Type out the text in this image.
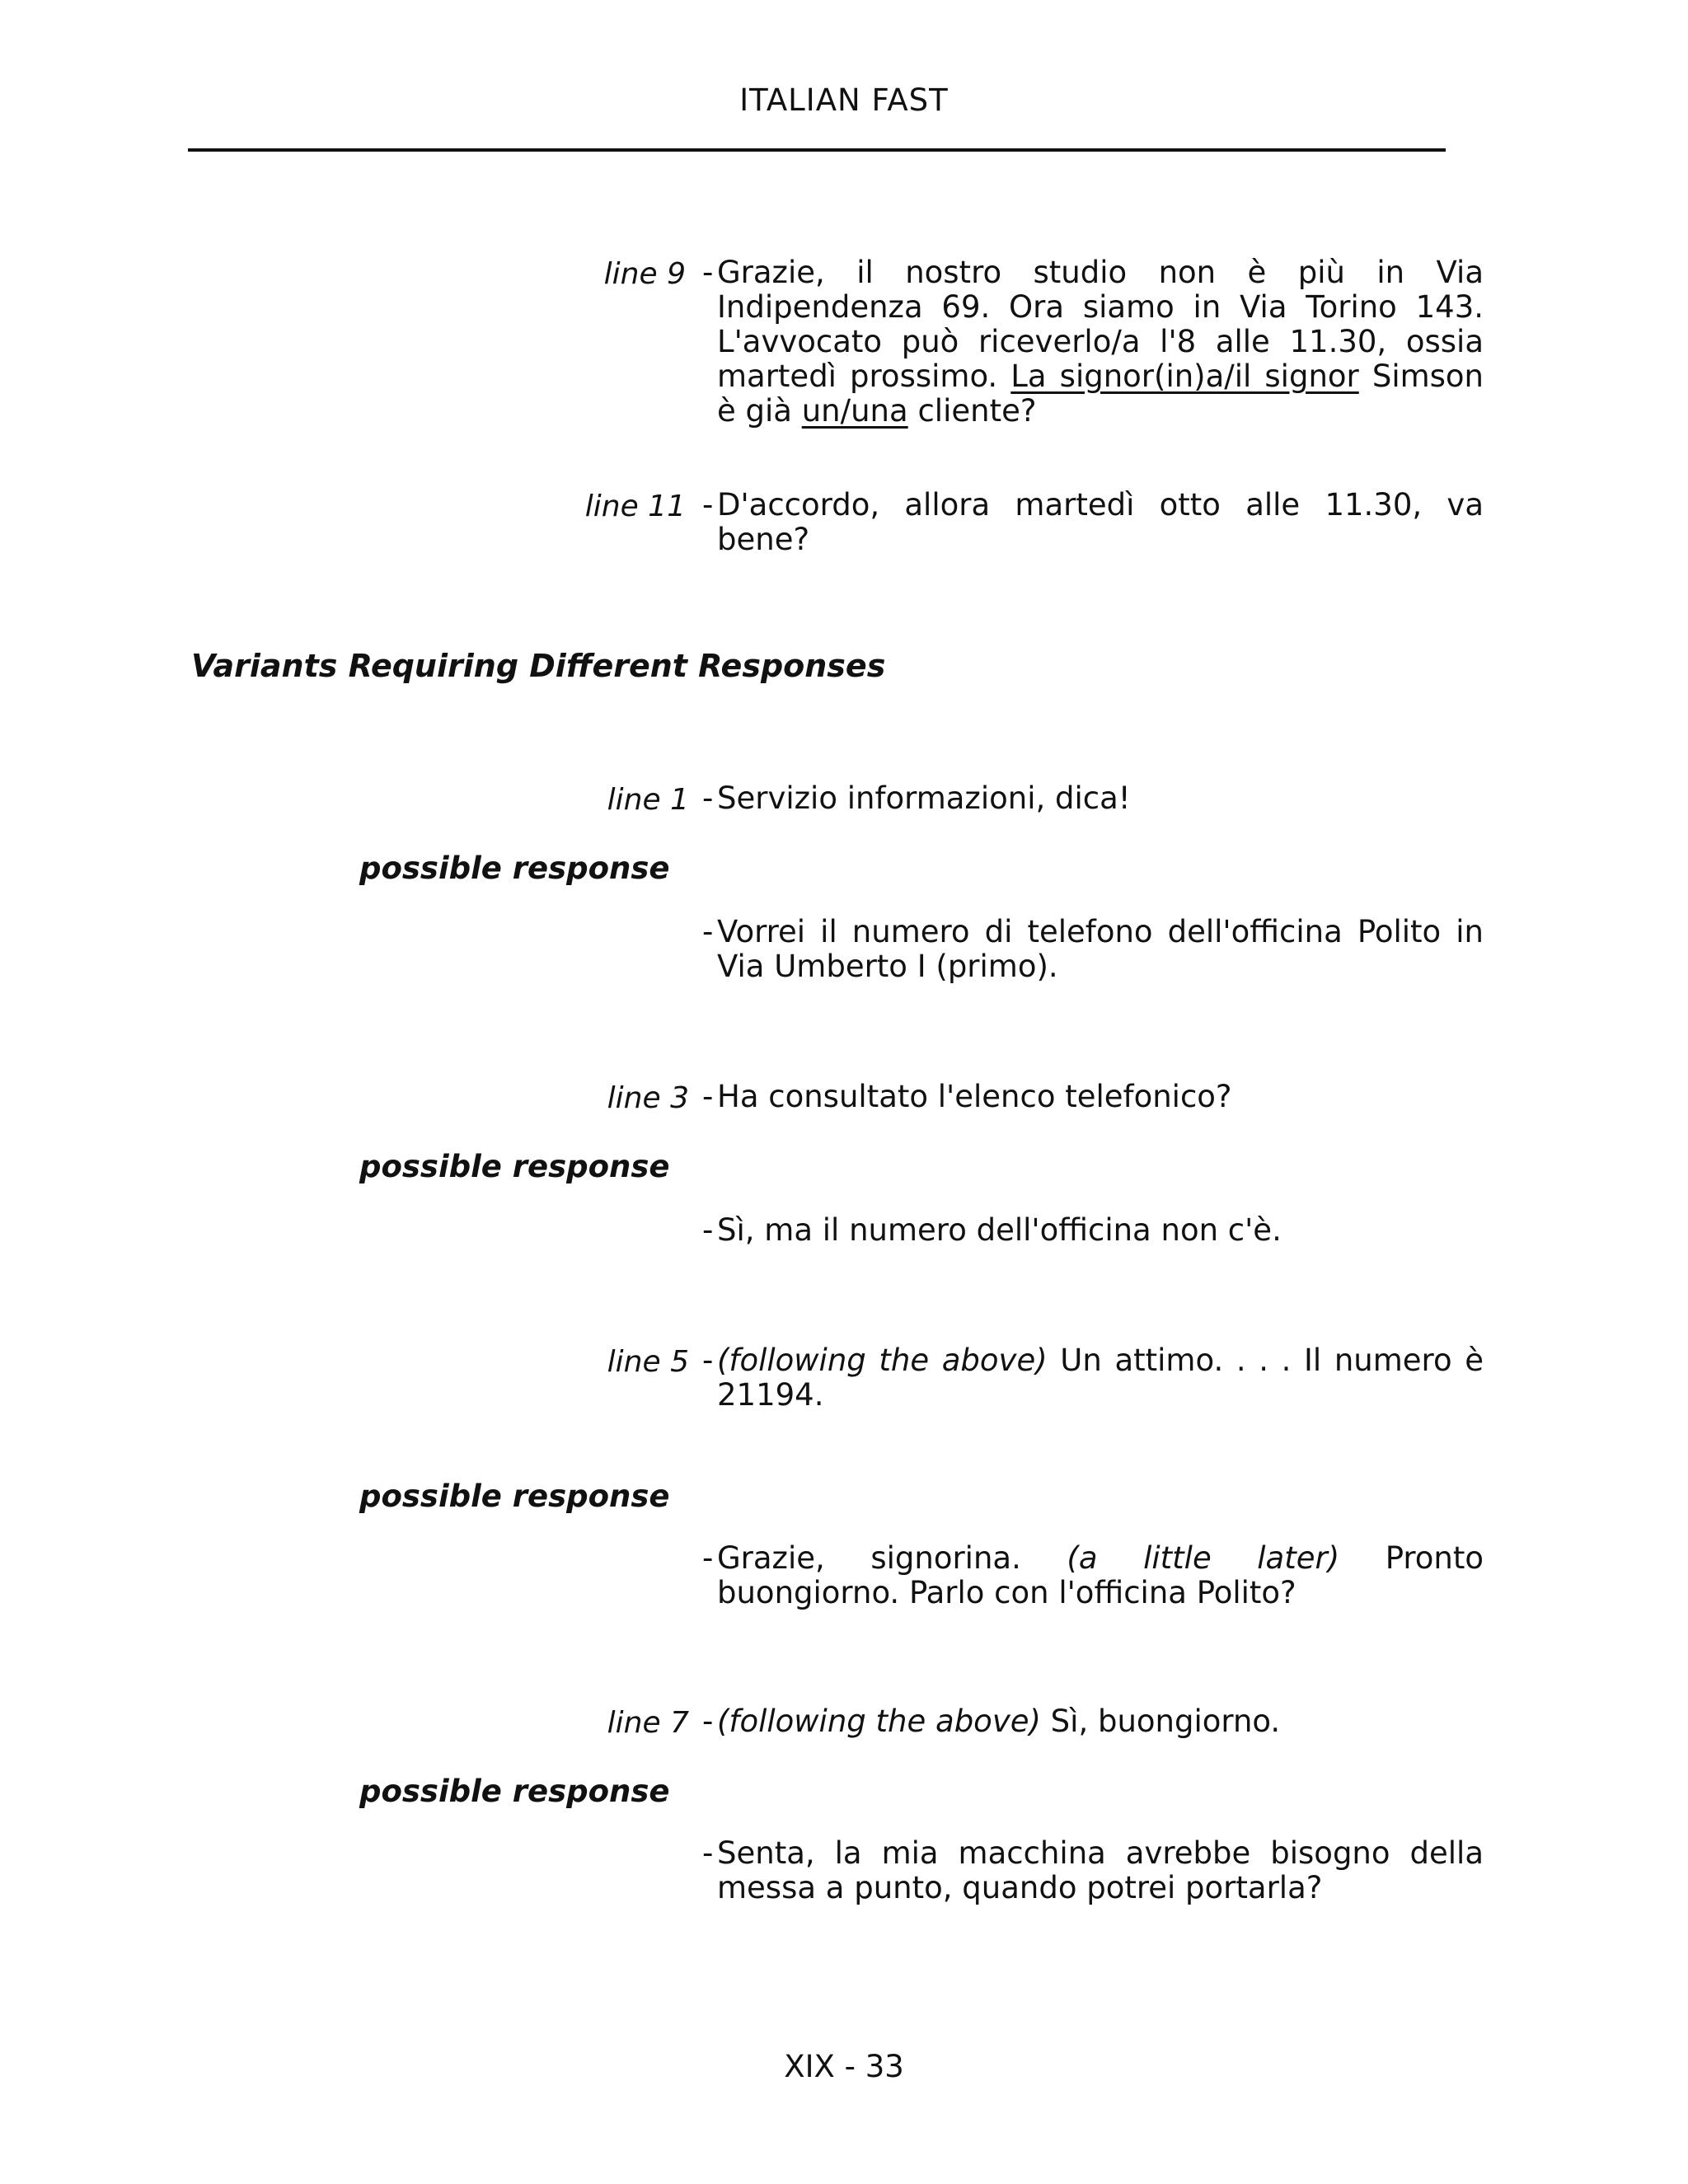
ITALIAN FAST
line 9 - Grazie, il nostro studio non è più in Via Indipendenza 69. Ora siamo in Via Torino 143. L'avvocato può riceverlo/a l'8 alle 11.30, ossia martedì prossimo. La signor(in)a/il signor Simson è già un/una cliente?
line 11 - D'accordo, allora martedì otto alle 11.30, va bene?
Variants Requiring Different Responses
line 1 - Servizio informazioni, dica!
possible response
- Vorrei il numero di telefono dell'officina Polito in Via Umberto I (primo).
line 3 - Ha consultato l'elenco telefonico?
possible response
- Sì, ma il numero dell'officina non c'è.
line 5 - (following the above) Un attimo. . . . Il numero è 21194.
possible response
- Grazie, signorina. (a little later) Pronto buongiorno. Parlo con l'officina Polito?
line 7 - (following the above) Sì, buongiorno.
possible response
- Senta, la mia macchina avrebbe bisogno della messa a punto, quando potrei portarla?
XIX - 33
